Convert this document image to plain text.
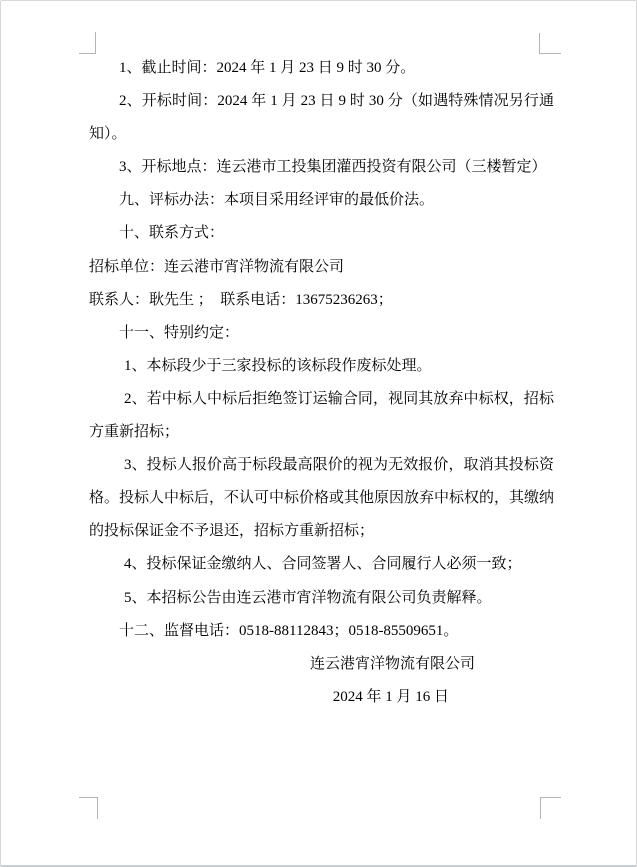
1、截止时间：2024 年 1 月 23 日 9 时 30 分。

2、开标时间：2024 年 1 月 23 日 9 时 30 分（如遇特殊情况另行通知）。

3、开标地点：连云港市工投集团灌西投资有限公司（三楼暂定）

九、评标办法：本项目采用经评审的最低价法。

十、联系方式：

招标单位：连云港市宵洋物流有限公司

联系人：耿先生 ；　联系电话：13675236263；

十一、特别约定：

1、本标段少于三家投标的该标段作废标处理。

2、若中标人中标后拒绝签订运输合同，视同其放弃中标权，招标方重新招标；

3、投标人报价高于标段最高限价的视为无效报价，取消其投标资格。投标人中标后，不认可中标价格或其他原因放弃中标权的，其缴纳的投标保证金不予退还，招标方重新招标；

4、投标保证金缴纳人、合同签署人、合同履行人必须一致；

5、本招标公告由连云港市宵洋物流有限公司负责解释。

十二、监督电话：0518-88112843；0518-85509651。

连云港宵洋物流有限公司

2024 年 1 月 16 日
